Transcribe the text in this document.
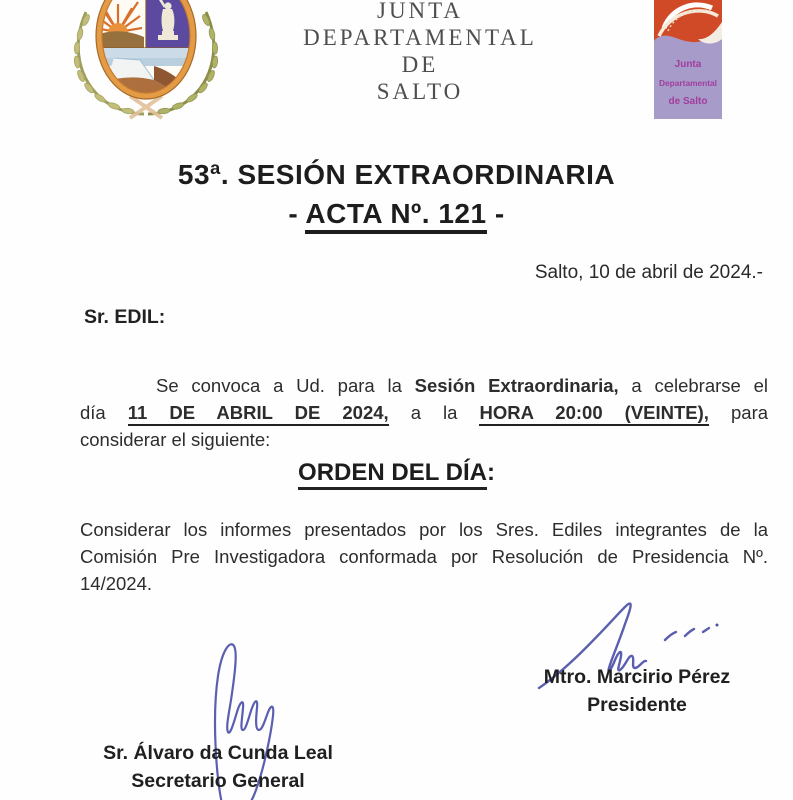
JUNTA
DEPARTAMENTAL
DE
SALTO
Junta
Departamental
de Salto
53ª. SESIÓN EXTRAORDINARIA
- ACTA Nº. 121 -
Salto, 10 de abril de 2024.-
Sr. EDIL:
Se convoca a Ud. para la Sesión Extraordinaria, a celebrarse el
día 11 DE ABRIL DE 2024, a la HORA 20:00 (VEINTE), para
considerar el siguiente:
ORDEN DEL DÍA:
Considerar los informes presentados por los Sres. Ediles integrantes de la
Comisión Pre Investigadora conformada por Resolución de Presidencia Nº.
14/2024.
Mtro. Marcirio Pérez
Presidente
Sr. Álvaro da Cunda Leal
Secretario General
